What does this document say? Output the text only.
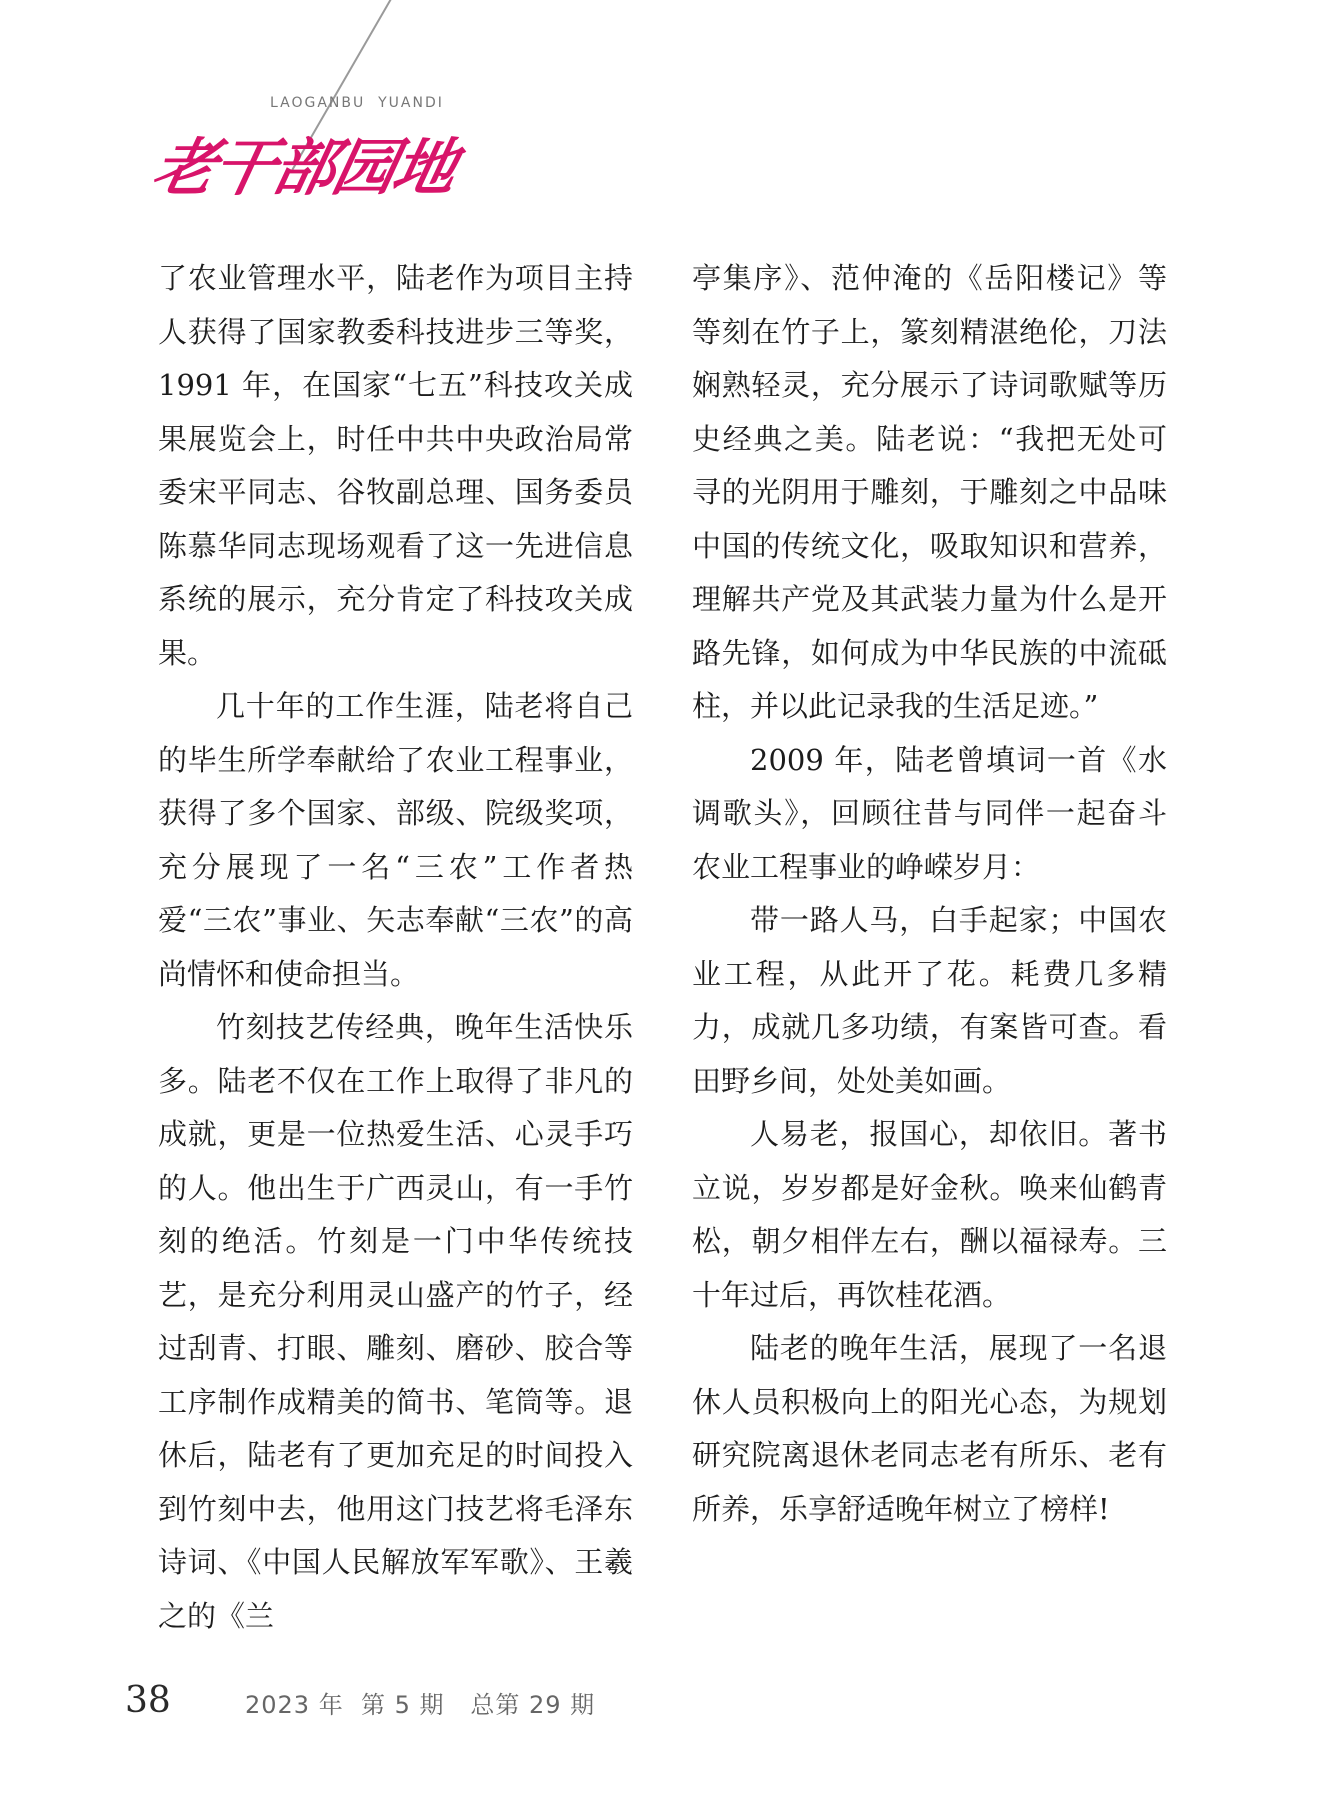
LAOGANBU  YUANDI
老干部园地

了农业管理水平，陆老作为项目主持人获得了国家教委科技进步三等奖，1991 年，在国家“七五”科技攻关成果展览会上，时任中共中央政治局常委宋平同志、谷牧副总理、国务委员陈慕华同志现场观看了这一先进信息系统的展示，充分肯定了科技攻关成果。

几十年的工作生涯，陆老将自己的毕生所学奉献给了农业工程事业，获得了多个国家、部级、院级奖项，充分展现了一名“三农”工作者热爱“三农”事业、矢志奉献“三农”的高尚情怀和使命担当。

竹刻技艺传经典，晚年生活快乐多。陆老不仅在工作上取得了非凡的成就，更是一位热爱生活、心灵手巧的人。他出生于广西灵山，有一手竹刻的绝活。竹刻是一门中华传统技艺，是充分利用灵山盛产的竹子，经过刮青、打眼、雕刻、磨砂、胶合等工序制作成精美的简书、笔筒等。退休后，陆老有了更加充足的时间投入到竹刻中去，他用这门技艺将毛泽东诗词、《中国人民解放军军歌》、王羲之的《兰

亭集序》、范仲淹的《岳阳楼记》等等刻在竹子上，篆刻精湛绝伦，刀法娴熟轻灵，充分展示了诗词歌赋等历史经典之美。陆老说：“我把无处可寻的光阴用于雕刻，于雕刻之中品味中国的传统文化，吸取知识和营养，理解共产党及其武装力量为什么是开路先锋，如何成为中华民族的中流砥柱，并以此记录我的生活足迹。”

2009 年，陆老曾填词一首《水调歌头》，回顾往昔与同伴一起奋斗农业工程事业的峥嵘岁月：

带一路人马，白手起家；中国农业工程，从此开了花。耗费几多精力，成就几多功绩，有案皆可查。看田野乡间，处处美如画。

人易老，报国心，却依旧。著书立说，岁岁都是好金秋。唤来仙鹤青松，朝夕相伴左右，酬以福禄寿。三十年过后，再饮桂花酒。

陆老的晚年生活，展现了一名退休人员积极向上的阳光心态，为规划研究院离退休老同志老有所乐、老有所养，乐享舒适晚年树立了榜样!

38	2023 年  第 5 期   总第 29 期
